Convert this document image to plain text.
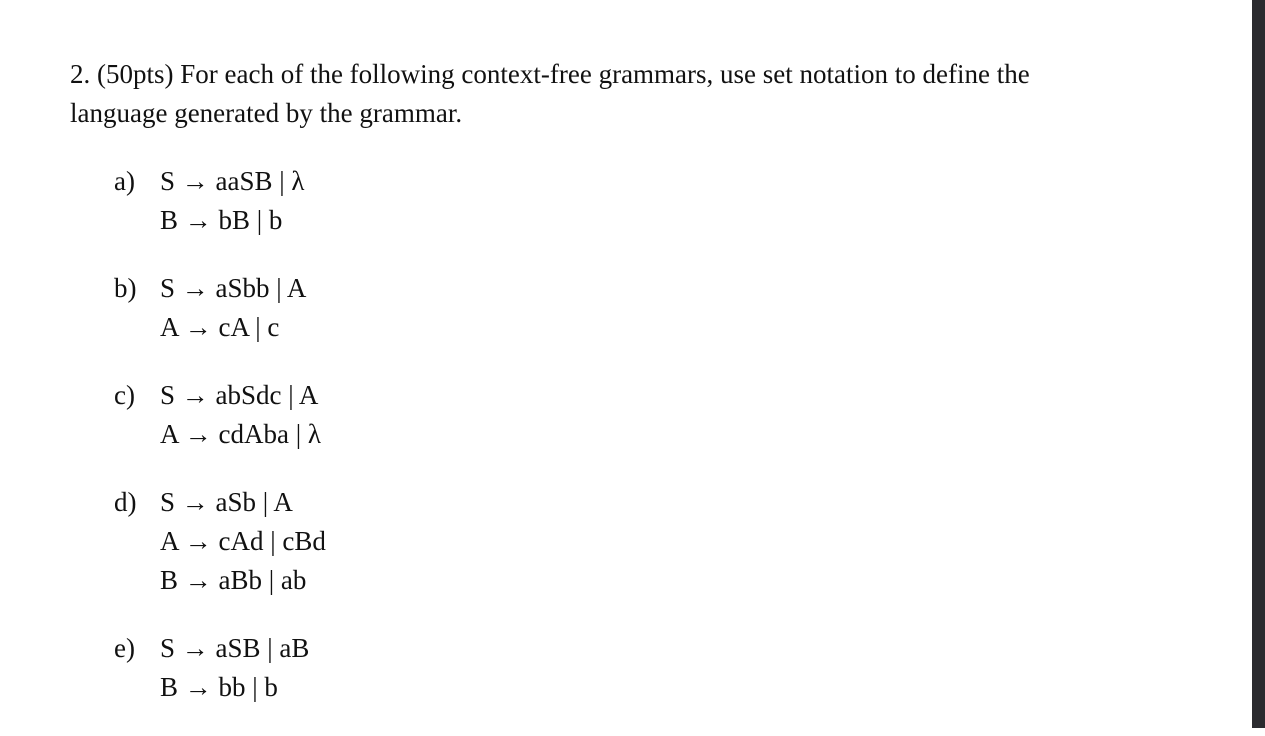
2. (50pts) For each of the following context-free grammars, use set notation to define the
language generated by the grammar.
a) S → aaSB | λ
B → bB | b
b) S → aSbb | A
A → cA | c
c) S → abSdc | A
A → cdAba | λ
d) S → aSb | A
A → cAd | cBd
B → aBb | ab
e) S → aSB | aB
B → bb | b
